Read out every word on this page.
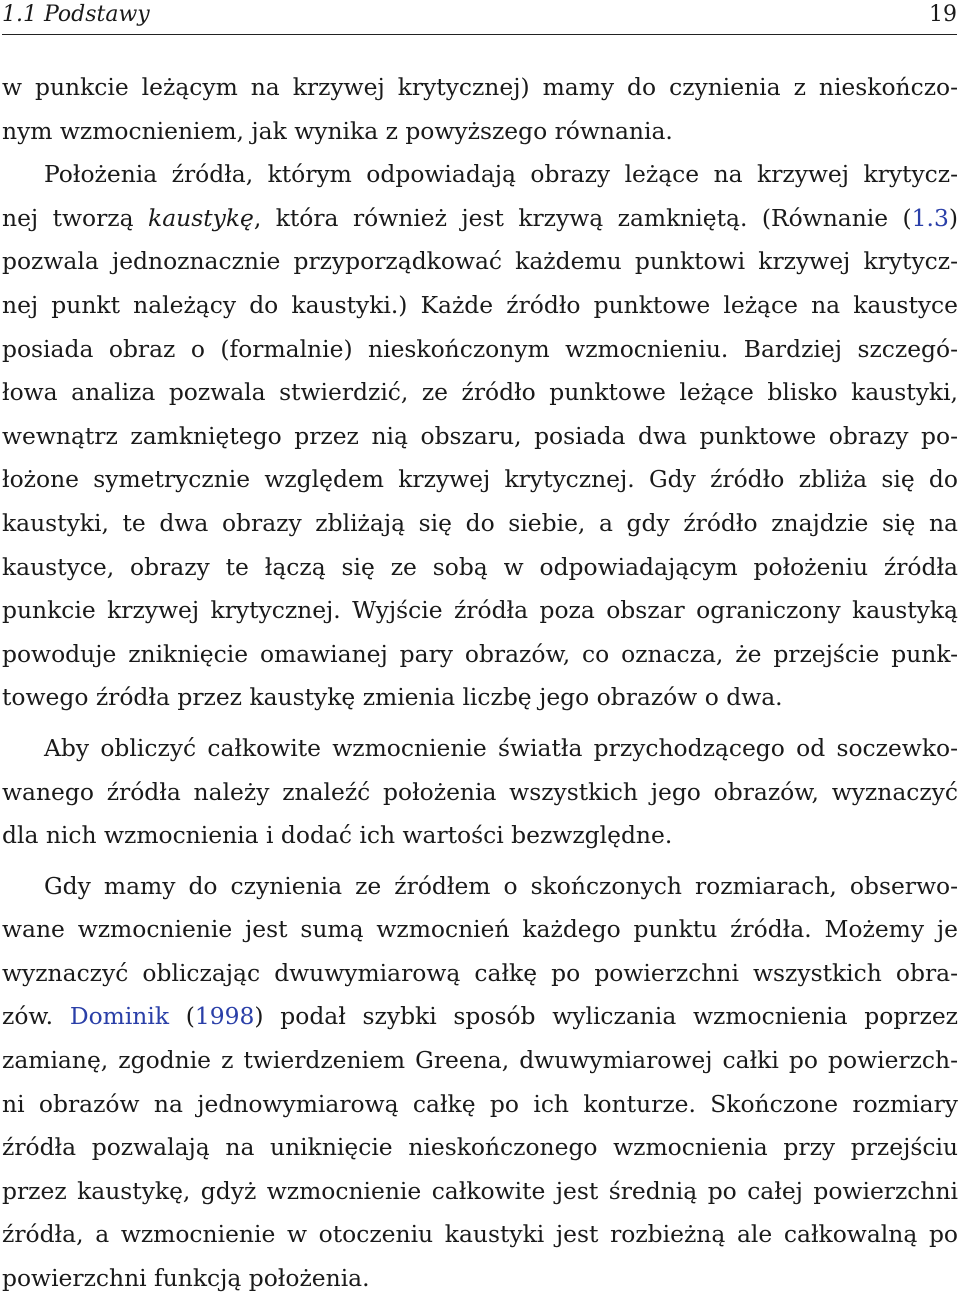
1.1 Podstawy	19

w punkcie leżącym na krzywej krytycznej) mamy do czynienia z nieskończo-
nym wzmocnieniem, jak wynika z powyższego równania.

Położenia źródła, którym odpowiadają obrazy leżące na krzywej krytycz-
nej tworzą kaustykę, która również jest krzywą zamkniętą. (Równanie (1.3)
pozwala jednoznacznie przyporządkować każdemu punktowi krzywej krytycz-
nej punkt należący do kaustyki.) Każde źródło punktowe leżące na kaustyce
posiada obraz o (formalnie) nieskończonym wzmocnieniu. Bardziej szczegó-
łowa analiza pozwala stwierdzić, ze źródło punktowe leżące blisko kaustyki,
wewnątrz zamkniętego przez nią obszaru, posiada dwa punktowe obrazy po-
łożone symetrycznie względem krzywej krytycznej. Gdy źródło zbliża się do
kaustyki, te dwa obrazy zbliżają się do siebie, a gdy źródło znajdzie się na
kaustyce, obrazy te łączą się ze sobą w odpowiadającym położeniu źródła
punkcie krzywej krytycznej. Wyjście źródła poza obszar ograniczony kaustyką
powoduje zniknięcie omawianej pary obrazów, co oznacza, że przejście punk-
towego źródła przez kaustykę zmienia liczbę jego obrazów o dwa.

Aby obliczyć całkowite wzmocnienie światła przychodzącego od soczewko-
wanego źródła należy znaleźć położenia wszystkich jego obrazów, wyznaczyć
dla nich wzmocnienia i dodać ich wartości bezwzględne.

Gdy mamy do czynienia ze źródłem o skończonych rozmiarach, obserwo-
wane wzmocnienie jest sumą wzmocnień każdego punktu źródła. Możemy je
wyznaczyć obliczając dwuwymiarową całkę po powierzchni wszystkich obra-
zów. Dominik (1998) podał szybki sposób wyliczania wzmocnienia poprzez
zamianę, zgodnie z twierdzeniem Greena, dwuwymiarowej całki po powierzch-
ni obrazów na jednowymiarową całkę po ich konturze. Skończone rozmiary
źródła pozwalają na uniknięcie nieskończonego wzmocnienia przy przejściu
przez kaustykę, gdyż wzmocnienie całkowite jest średnią po całej powierzchni
źródła, a wzmocnienie w otoczeniu kaustyki jest rozbieżną ale całkowalną po
powierzchni funkcją położenia.
